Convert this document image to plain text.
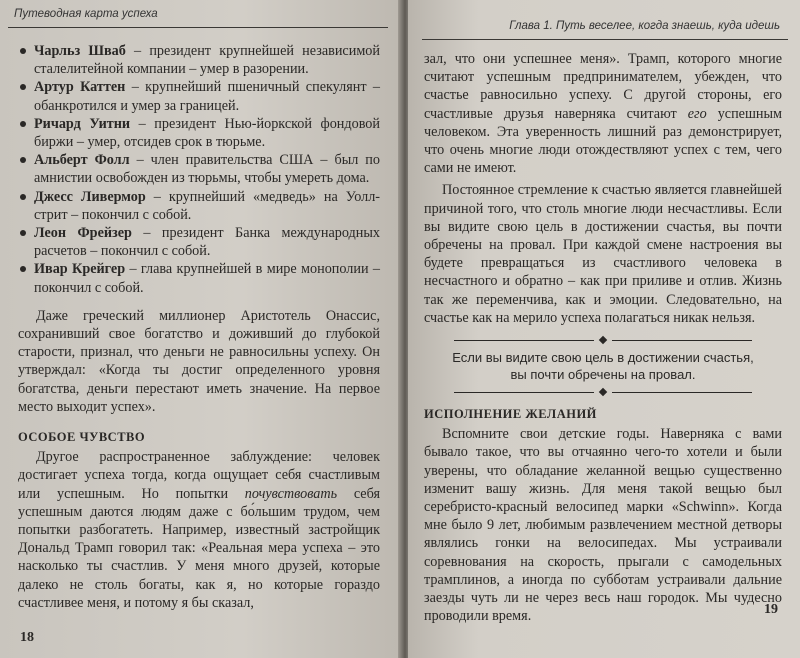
Путеводная карта успеха
Чарльз Шваб – президент крупнейшей независимой сталелитейной компании – умер в разорении.
Артур Каттен – крупнейший пшеничный спекулянт – обанкротился и умер за границей.
Ричард Уитни – президент Нью-йоркской фондовой биржи – умер, отсидев срок в тюрьме.
Альберт Фолл – член правительства США – был по амнистии освобожден из тюрьмы, чтобы умереть дома.
Джесс Ливермор – крупнейший «медведь» на Уолл-стрит – покончил с собой.
Леон Фрейзер – президент Банка международных расчетов – покончил с собой.
Ивар Крейгер – глава крупнейшей в мире монополии – покончил с собой.

Даже греческий миллионер Аристотель Онассис, сохранивший свое богатство и доживший до глубокой старости, признал, что деньги не равносильны успеху. Он утверждал: «Когда ты достиг определенного уровня богатства, деньги перестают иметь значение. На первое место выходит успех».

ОСОБОЕ ЧУВСТВО

Другое распространенное заблуждение: человек достигает успеха тогда, когда ощущает себя счастливым или успешным. Но попытки почувствовать себя успешным даются людям даже с бо́льшим трудом, чем попытки разбогатеть. Например, известный застройщик Дональд Трамп говорил так: «Реальная мера успеха – это насколько ты счастлив. У меня много друзей, которые далеко не столь богаты, как я, но которые гораздо счастливее меня, и потому я бы сказал,

18
Глава 1. Путь веселее, когда знаешь, куда идешь

зал, что они успешнее меня». Трамп, которого многие считают успешным предпринимателем, убежден, что счастье равносильно успеху. С другой стороны, его счастливые друзья наверняка считают его успешным человеком. Эта уверенность лишний раз демонстрирует, что очень многие люди отождествляют успех с тем, чего сами не имеют.

Постоянное стремление к счастью является главнейшей причиной того, что столь многие люди несчастливы. Если вы видите свою цель в достижении счастья, вы почти обречены на провал. При каждой смене настроения вы будете превращаться из счастливого человека в несчастного и обратно – как при приливе и отлив. Жизнь так же переменчива, как и эмоции. Следовательно, на счастье как на мерило успеха полагаться никак нельзя.

Если вы видите свою цель в достижении счастья,
вы почти обречены на провал.
ИСПОЛНЕНИЕ ЖЕЛАНИЙ

Вспомните свои детские годы. Наверняка с вами бывало такое, что вы отчаянно чего-то хотели и были уверены, что обладание желанной вещью существенно изменит вашу жизнь. Для меня такой вещью был серебристо-красный велосипед марки «Schwinn». Когда мне было 9 лет, любимым развлечением местной детворы являлись гонки на велосипедах. Мы устраивали соревнования на скорость, прыгали с самодельных трамплинов, а иногда по субботам устраивали дальние заезды чуть ли не через весь наш городок. Мы чудесно проводили время.	19
